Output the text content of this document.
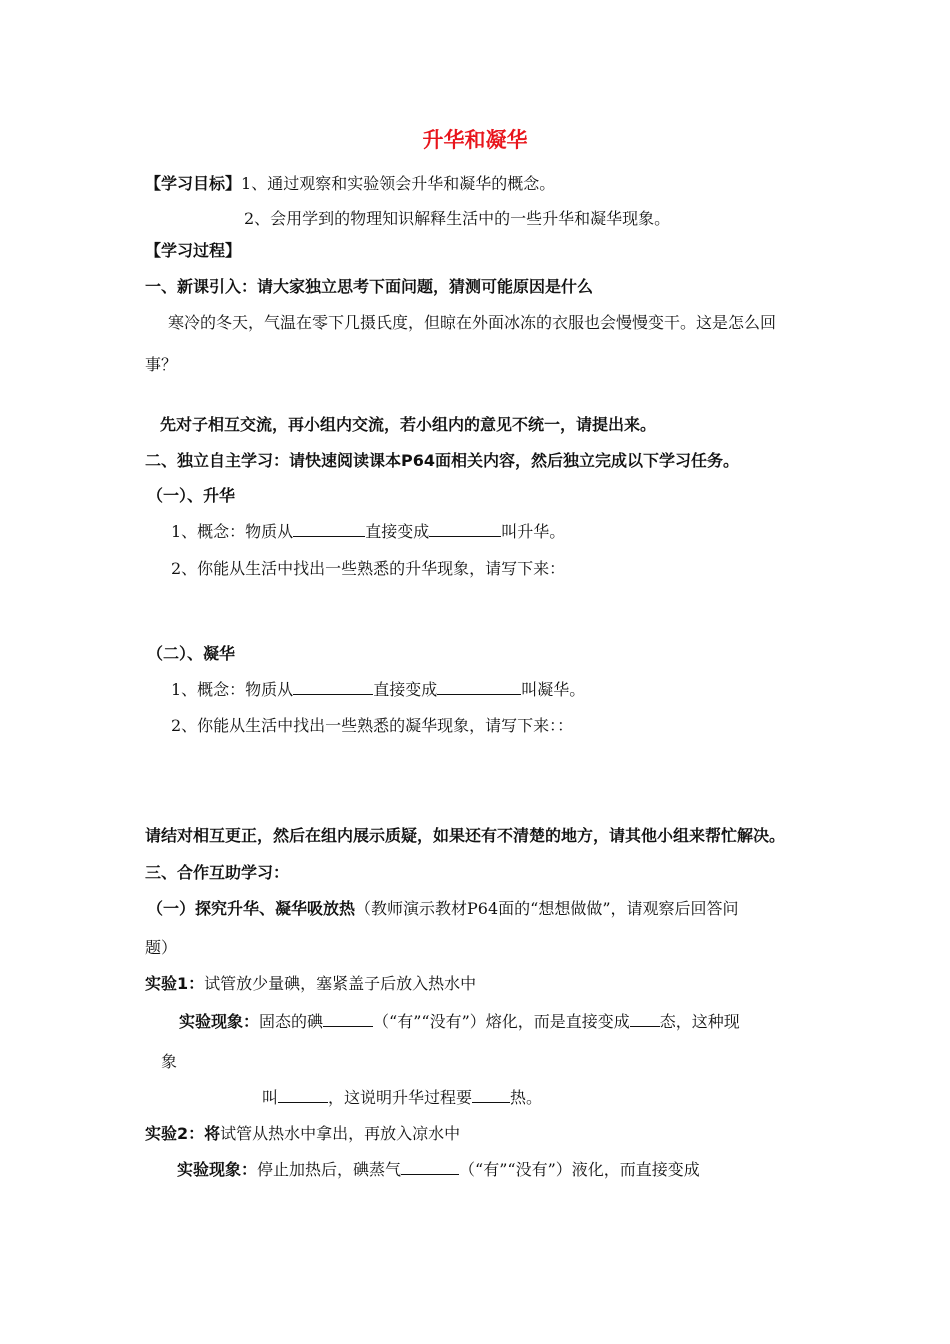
升华和凝华
【学习目标】1、通过观察和实验领会升华和凝华的概念。
2、会用学到的物理知识解释生活中的一些升华和凝华现象。
【学习过程】
一、新课引入：请大家独立思考下面问题，猜测可能原因是什么
寒冷的冬天，气温在零下几摄氏度，但晾在外面冰冻的衣服也会慢慢变干。这是怎么回
事？
先对子相互交流，再小组内交流，若小组内的意见不统一，请提出来。
二、独立自主学习：请快速阅读课本P64面相关内容，然后独立完成以下学习任务。
（一）、升华
1、概念：物质从	直接变成	叫升华。
2、你能从生活中找出一些熟悉的升华现象，请写下来：
（二）、凝华
1、概念：物质从	直接变成	叫凝华。
2、你能从生活中找出一些熟悉的凝华现象，请写下来：：
请结对相互更正，然后在组内展示质疑，如果还有不清楚的地方，请其他小组来帮忙解决。
三、合作互助学习：
（一）探究升华、凝华吸放热（教师演示教材P64面的“想想做做”，请观察后回答问
题）
实验1：试管放少量碘，塞紧盖子后放入热水中
实验现象：固态的碘	（“有”“没有”）熔化，而是直接变成 态，这种现
象
叫	，这说明升华过程要 热。
实验2：将试管从热水中拿出，再放入凉水中
实验现象：停止加热后，碘蒸气	（“有”“没有”）液化，而直接变成
